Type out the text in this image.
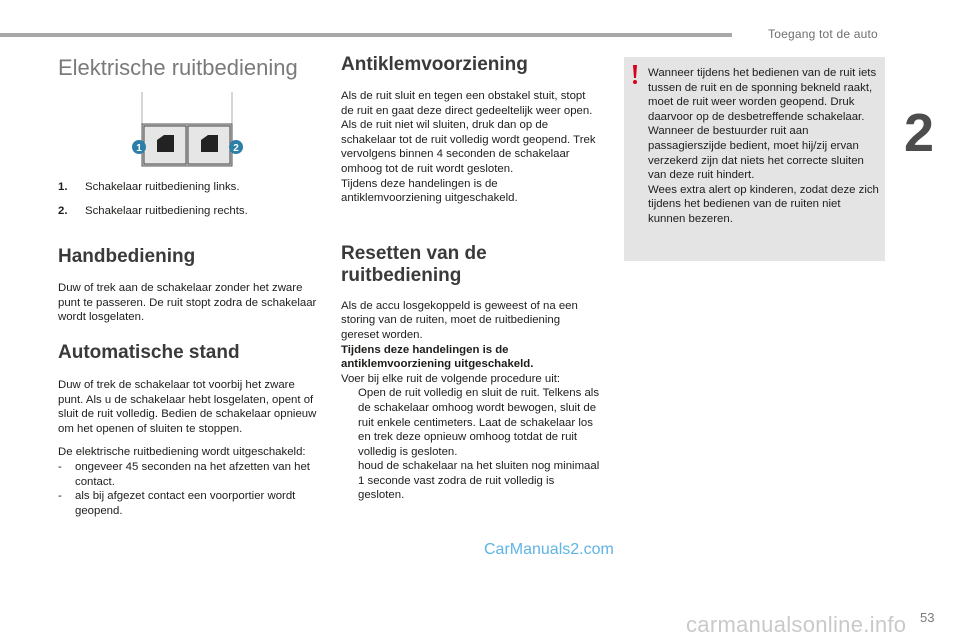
Toegang tot de auto
2
Elektrische ruitbediening
1. Schakelaar ruitbediening links.
2. Schakelaar ruitbediening rechts.
Handbediening

Duw of trek aan de schakelaar zonder het zware punt te passeren. De ruit stopt zodra de schakelaar wordt losgelaten.

Automatische stand

Duw of trek de schakelaar tot voorbij het zware punt. Als u de schakelaar hebt losgelaten, opent of sluit de ruit volledig. Bedien de schakelaar opnieuw om het openen of sluiten te stoppen.

De elektrische ruitbediening wordt uitgeschakeld:

- ongeveer 45 seconden na het afzetten van het contact.
- als bij afgezet contact een voorportier wordt geopend.
1	2
Antiklemvoorziening

Als de ruit sluit en tegen een obstakel stuit, stopt de ruit en gaat deze direct gedeeltelijk weer open.

Als de ruit niet wil sluiten, druk dan op de schakelaar tot de ruit volledig wordt geopend. Trek vervolgens binnen 4 seconden de schakelaar omhoog tot de ruit wordt gesloten.

Tijdens deze handelingen is de antiklemvoorziening uitgeschakeld.

Resetten van de ruitbediening

Als de accu losgekoppeld is geweest of na een storing van de ruiten, moet de ruitbediening gereset worden.

Tijdens deze handelingen is de antiklemvoorziening uitgeschakeld.

Voer bij elke ruit de volgende procedure uit:

Open de ruit volledig en sluit de ruit. Telkens als de schakelaar omhoog wordt bewogen, sluit de ruit enkele centimeters. Laat de schakelaar los en trek deze opnieuw omhoog totdat de ruit volledig is gesloten.
houd de schakelaar na het sluiten nog minimaal 1 seconde vast zodra de ruit volledig is gesloten.

Wanneer tijdens het bedienen van de ruit iets tussen de ruit en de sponning bekneld raakt, moet de ruit weer worden geopend. Druk daarvoor op de desbetreffende schakelaar.

Wanneer de bestuurder ruit aan passagierszijde bedient, moet hij/zij ervan verzekerd zijn dat niets het correcte sluiten van deze ruit hindert.

Wees extra alert op kinderen, zodat deze zich tijdens het bedienen van de ruiten niet kunnen bezeren.

CarManuals2.com
carmanualsonline.info 53
